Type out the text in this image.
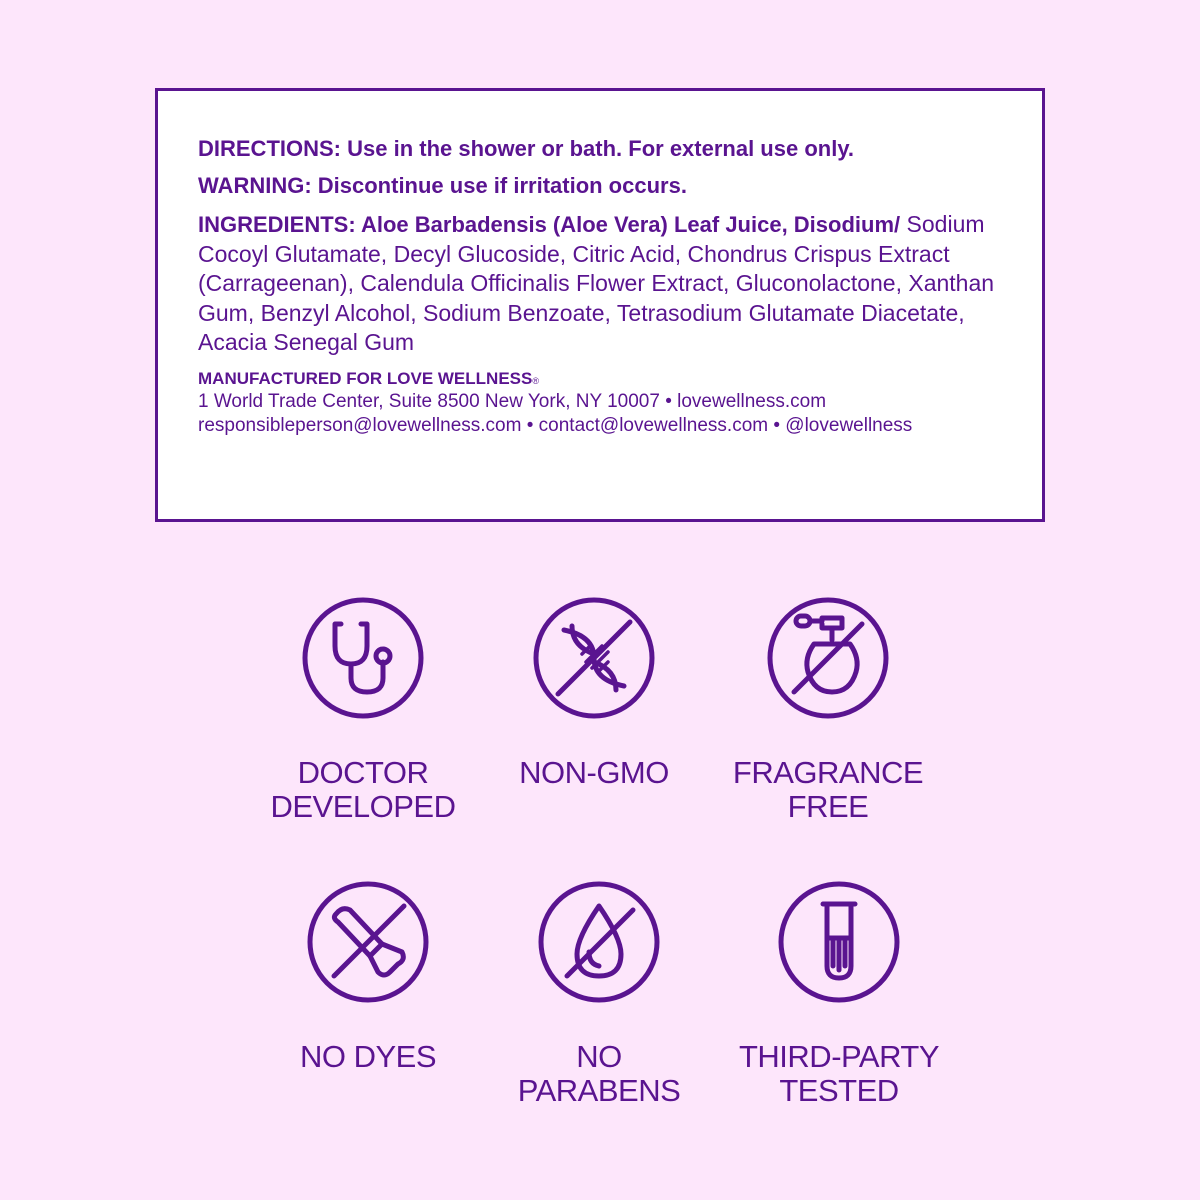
DIRECTIONS: Use in the shower or bath. For external use only.

WARNING: Discontinue use if irritation occurs.

INGREDIENTS: Aloe Barbadensis (Aloe Vera) Leaf Juice, Disodium/ Sodium Cocoyl Glutamate, Decyl Glucoside, Citric Acid, Chondrus Crispus Extract (Carrageenan), Calendula Officinalis Flower Extract, Gluconolactone, Xanthan Gum, Benzyl Alcohol, Sodium Benzoate, Tetrasodium Glutamate Diacetate, Acacia Senegal Gum

MANUFACTURED FOR LOVE WELLNESS®
1 World Trade Center, Suite 8500 New York, NY 10007 • lovewellness.com
responsibleperson@lovewellness.com • contact@lovewellness.com • @lovewellness
DOCTOR
DEVELOPED
NON-GMO	FRAGRANCE
FREE
NO DYES	NO
PARABENS
THIRD-PARTY
TESTED
